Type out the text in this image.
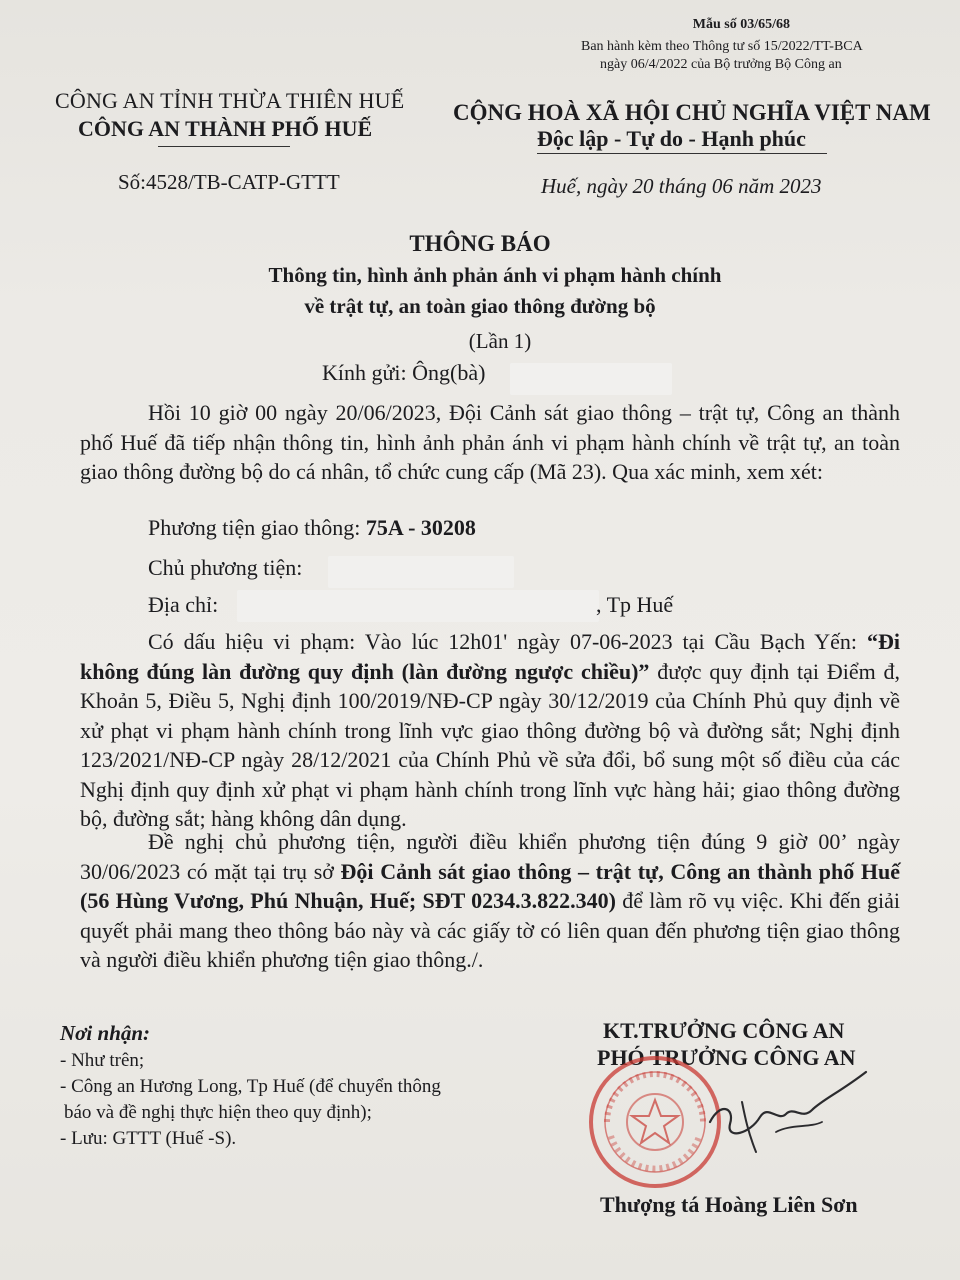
Mẫu số 03/65/68
Ban hành kèm theo Thông tư số 15/2022/TT-BCA
ngày 06/4/2022 của Bộ trưởng Bộ Công an
CÔNG AN TỈNH THỪA THIÊN HUẾ
CÔNG AN THÀNH PHỐ HUẾ
Số:4528/TB-CATP-GTTT
CỘNG HOÀ XÃ HỘI CHỦ NGHĨA VIỆT NAM
Độc lập - Tự do - Hạnh phúc
Huế, ngày 20 tháng 06 năm 2023
THÔNG BÁO
Thông tin, hình ảnh phản ánh vi phạm hành chính
về trật tự, an toàn giao thông đường bộ
(Lần 1)
Kính gửi: Ông(bà)
Hồi 10 giờ 00 ngày 20/06/2023, Đội Cảnh sát giao thông – trật tự, Công an thành phố Huế đã tiếp nhận thông tin, hình ảnh phản ánh vi phạm hành chính về trật tự, an toàn giao thông đường bộ do cá nhân, tổ chức cung cấp (Mã 23). Qua xác minh, xem xét:
Phương tiện giao thông: 75A - 30208
Chủ phương tiện:
Địa chỉ:	, Tp Huế
Có dấu hiệu vi phạm: Vào lúc 12h01' ngày 07-06-2023 tại Cầu Bạch Yến: “Đi không đúng làn đường quy định (làn đường ngược chiều)” được quy định tại Điểm đ, Khoản 5, Điều 5, Nghị định 100/2019/NĐ-CP ngày 30/12/2019 của Chính Phủ quy định về xử phạt vi phạm hành chính trong lĩnh vực giao thông đường bộ và đường sắt; Nghị định 123/2021/NĐ-CP ngày 28/12/2021 của Chính Phủ về sửa đổi, bổ sung một số điều của các Nghị định quy định xử phạt vi phạm hành chính trong lĩnh vực hàng hải; giao thông đường bộ, đường sắt; hàng không dân dụng.
Đề nghị chủ phương tiện, người điều khiển phương tiện đúng 9 giờ 00’ ngày 30/06/2023 có mặt tại trụ sở Đội Cảnh sát giao thông – trật tự, Công an thành phố Huế (56 Hùng Vương, Phú Nhuận, Huế; SĐT 0234.3.822.340) để làm rõ vụ việc. Khi đến giải quyết phải mang theo thông báo này và các giấy tờ có liên quan đến phương tiện giao thông và người điều khiển phương tiện giao thông./.
Nơi nhận:
- Như trên;
- Công an Hương Long, Tp Huế (để chuyển thông
báo và đề nghị thực hiện theo quy định);
- Lưu: GTTT (Huế -S).
KT.TRƯỞNG CÔNG AN
PHÓ TRƯỞNG CÔNG AN
Thượng tá Hoàng Liên Sơn
